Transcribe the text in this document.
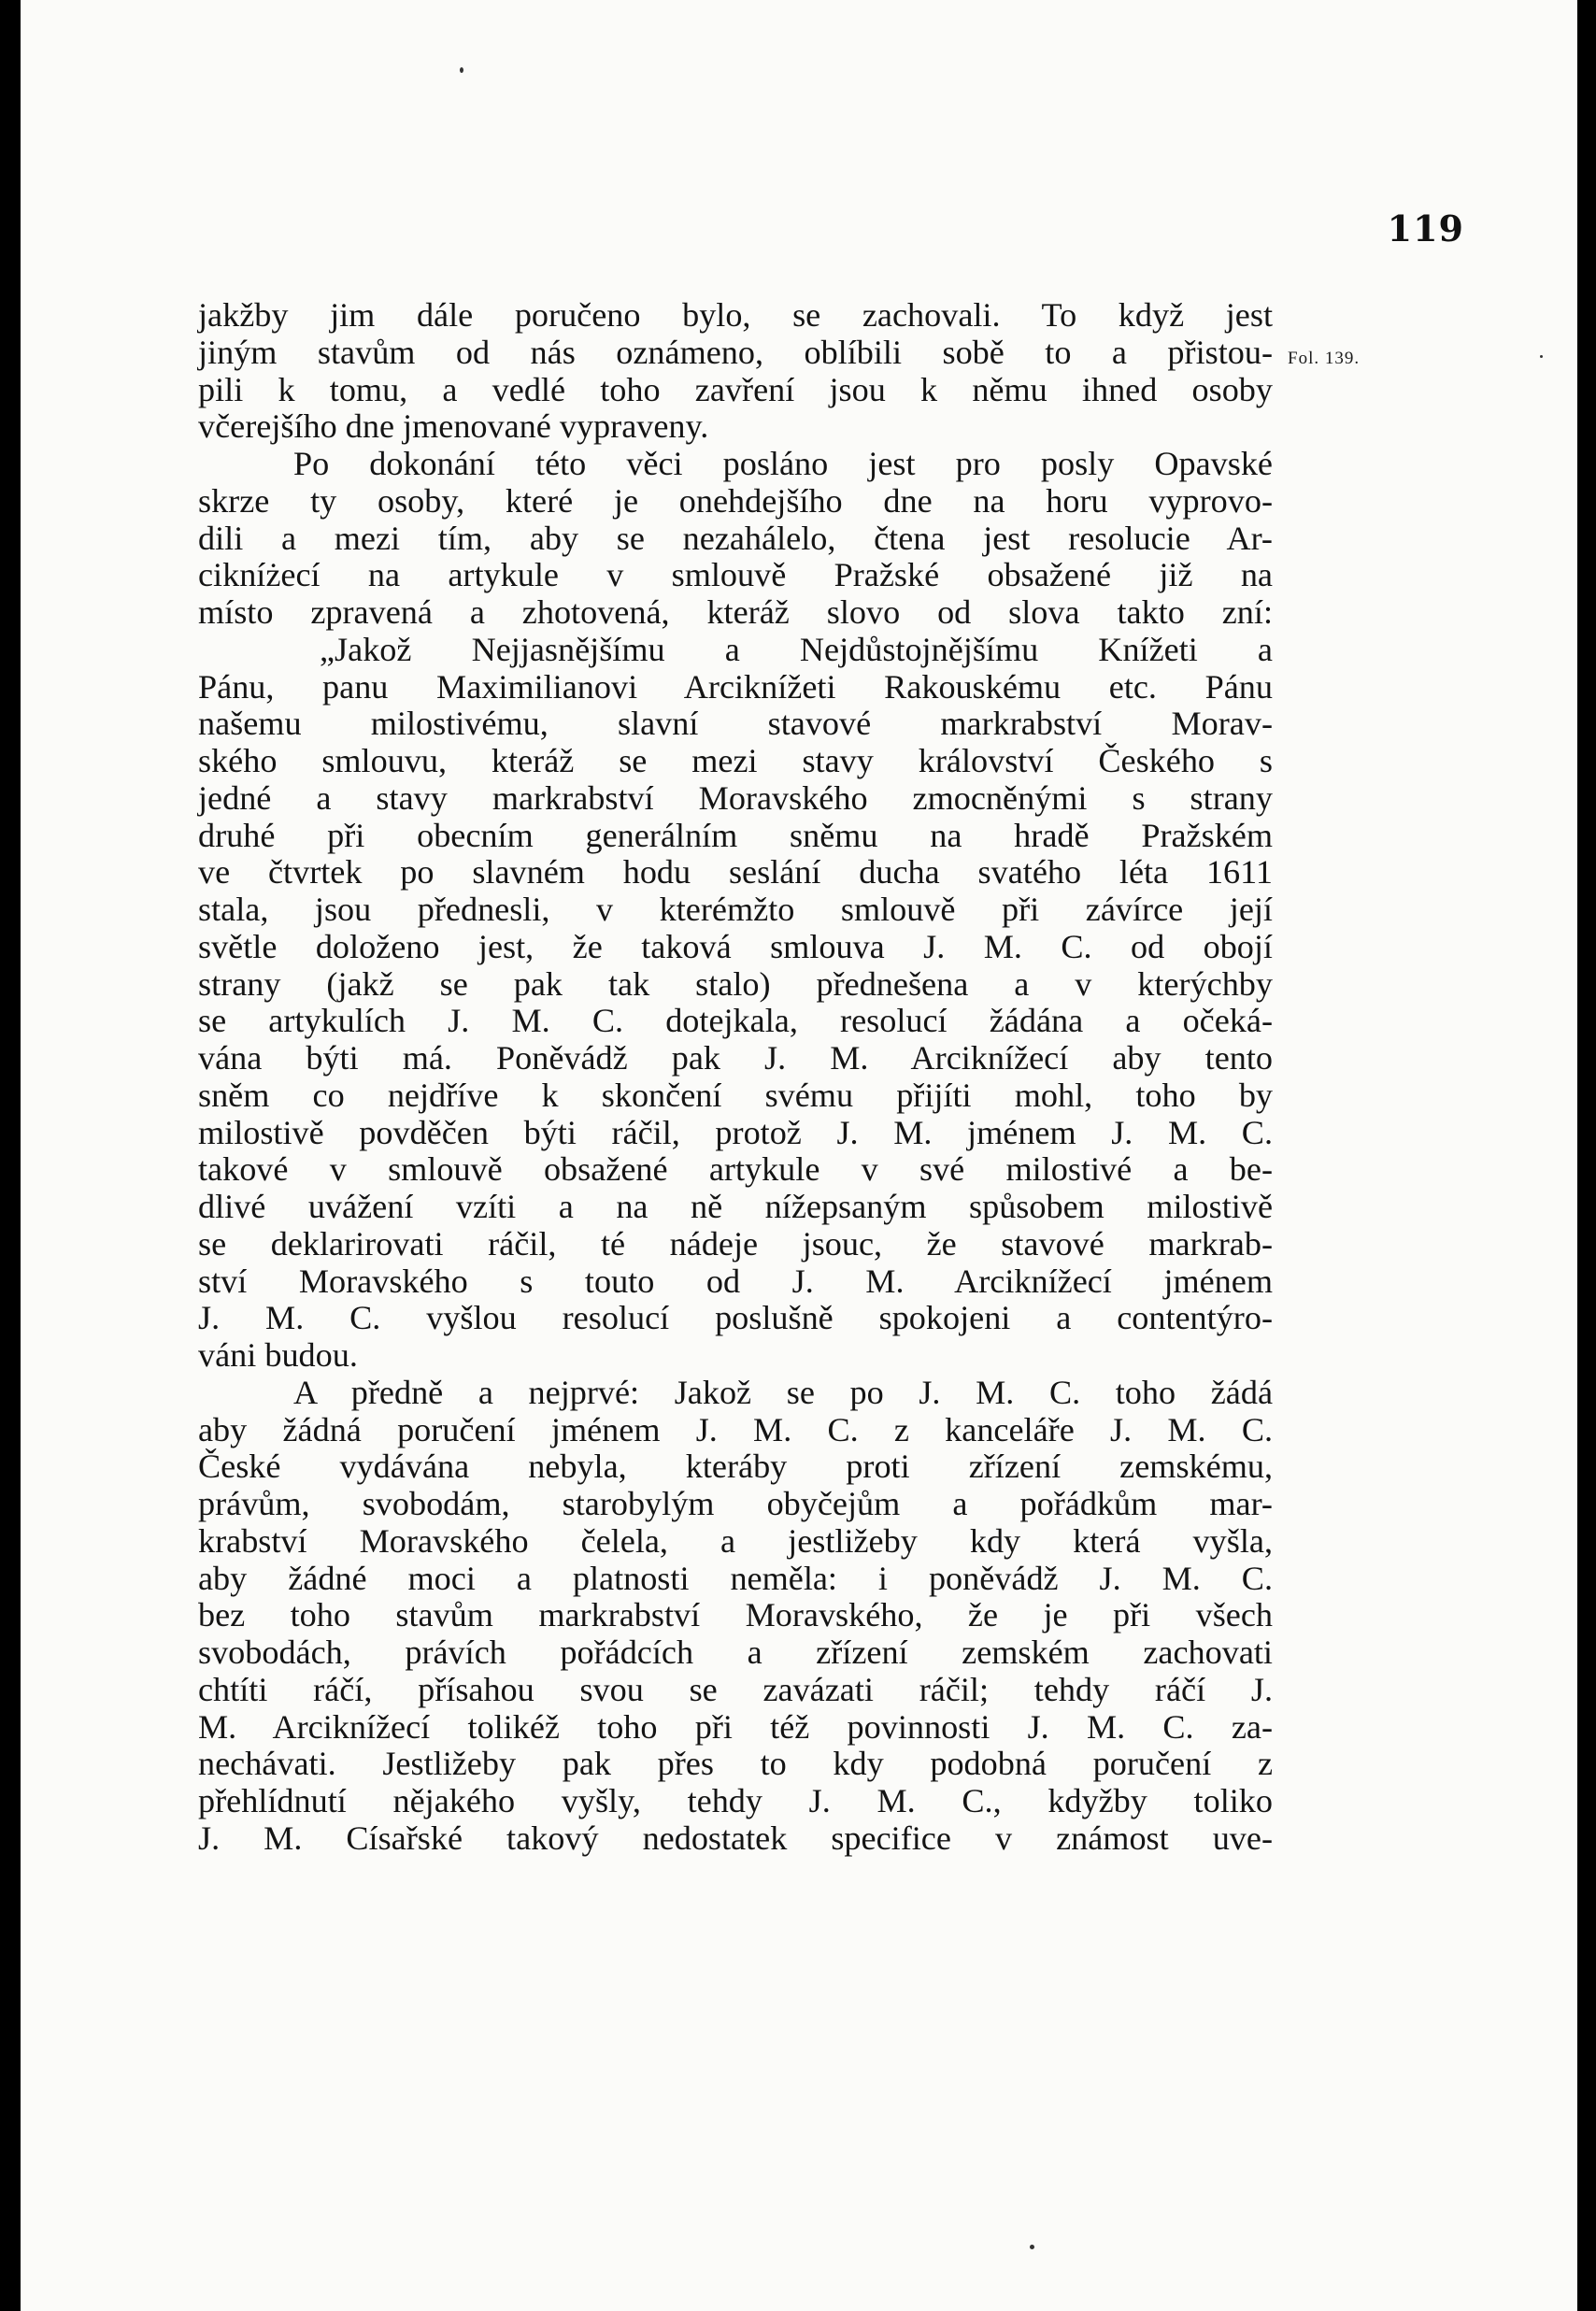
119
Fol. 139.
jakžby jim dále poručeno bylo, se zachovali. To když jest
jiným stavům od nás oznámeno, oblíbili sobě to a přistou-
pili k tomu, a vedlé toho zavření jsou k němu ihned osoby
včerejšího dne jmenované vypraveny.
Po dokonání této věci posláno jest pro posly Opavské
skrze ty osoby, které je onehdejšího dne na horu vyprovo-
dili a mezi tím, aby se nezahálelo, čtena jest resolucie Ar-
cikníżecí na artykule v smlouvě Pražské obsažené již na
místo zpravená a zhotovená, kteráž slovo od slova takto zní:
„Jakož Nejjasnějšímu a Nejdůstojnějšímu Knížeti a
Pánu, panu Maximilianovi Arciknížeti Rakouskému etc. Pánu
našemu milostivému, slavní stavové markrabství Morav-
ského smlouvu, kteráž se mezi stavy království Českého s
jedné a stavy markrabství Moravského zmocněnými s strany
druhé při obecním generálním sněmu na hradě Pražském
ve čtvrtek po slavném hodu seslání ducha svatého léta 1611
stala, jsou přednesli, v kterémžto smlouvě při závírce její
světle doloženo jest, že taková smlouva J. M. C. od obojí
strany (jakž se pak tak stalo) přednešena a v kterýchby
se artykulích J. M. C. dotejkala, resolucí žádána a očeká-
vána býti má. Poněvádž pak J. M. Arciknížecí aby tento
sněm co nejdříve k skončení svému přijíti mohl, toho by
milostivě povděčen býti ráčil, protož J. M. jménem J. M. C.
takové v smlouvě obsažené artykule v své milostivé a be-
dlivé uvážení vzíti a na ně nížepsaným spůsobem milostivě
se deklarirovati ráčil, té nádeje jsouc, že stavové markrab-
ství Moravského s touto od J. M. Arciknížecí jménem
J. M. C. vyšlou resolucí poslušně spokojeni a contentýro-
váni budou.
A předně a nejprvé: Jakož se po J. M. C. toho žádá
aby žádná poručení jménem J. M. C. z kanceláře J. M. C.
České vydávána nebyla, kteráby proti zřízení zemskému,
právům, svobodám, starobylým obyčejům a pořádkům mar-
krabství Moravského čelela, a jestližeby kdy která vyšla,
aby žádné moci a platnosti neměla: i poněvádž J. M. C.
bez toho stavům markrabství Moravského, že je při všech
svobodách, právích pořádcích a zřízení zemském zachovati
chtíti ráčí, přísahou svou se zavázati ráčil; tehdy ráčí J.
M. Arciknížecí tolikéž toho při též povinnosti J. M. C. za-
nechávati. Jestližeby pak přes to kdy podobná poručení z
přehlídnutí nějakého vyšly, tehdy J. M. C., kdyžby toliko
J. M. Císařské takový nedostatek specifice v známost uve-
